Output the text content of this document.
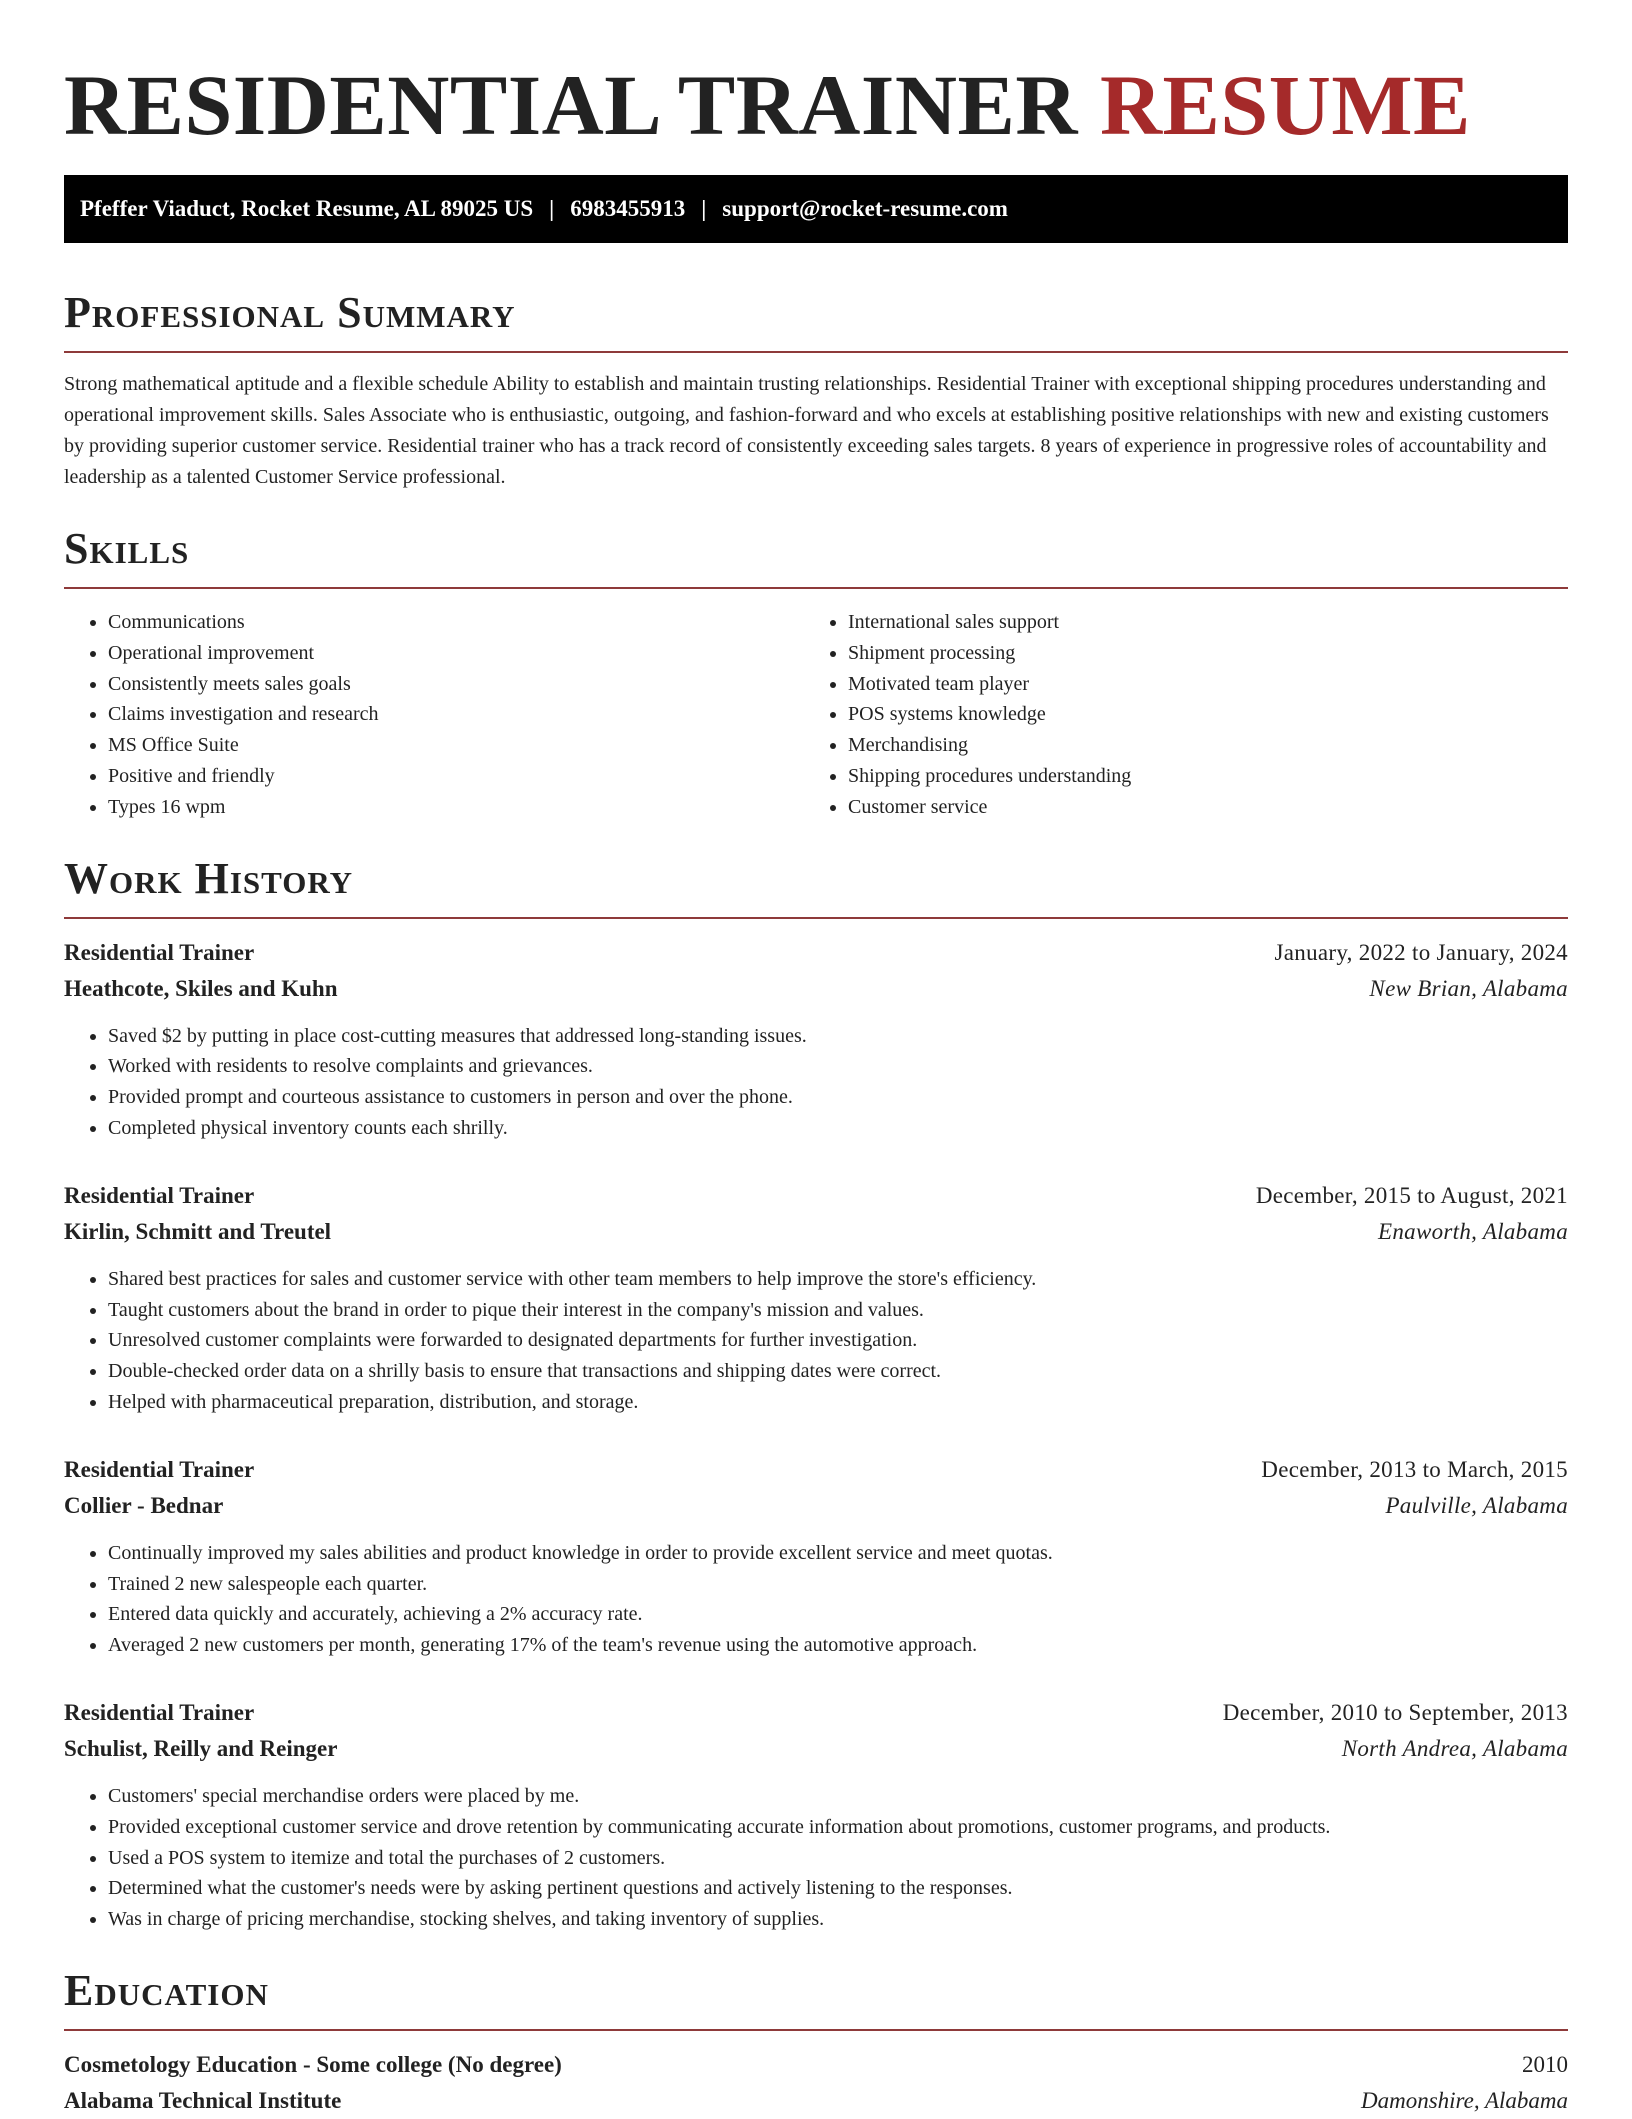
RESIDENTIAL TRAINER RESUME
Pfeffer Viaduct, Rocket Resume, AL 89025 US | 6983455913 | support@rocket-resume.com
Professional Summary

Strong mathematical aptitude and a flexible schedule Ability to establish and maintain trusting relationships. Residential Trainer with exceptional shipping procedures understanding and operational improvement skills. Sales Associate who is enthusiastic, outgoing, and fashion-forward and who excels at establishing positive relationships with new and existing customers by providing superior customer service. Residential trainer who has a track record of consistently exceeding sales targets. 8 years of experience in progressive roles of accountability and leadership as a talented Customer Service professional.

Skills
• Communications
• Operational improvement
• Consistently meets sales goals
• Claims investigation and research
• MS Office Suite
• Positive and friendly
• Types 16 wpm
• International sales support
• Shipment processing
• Motivated team player
• POS systems knowledge
• Merchandising
• Shipping procedures understanding
• Customer service
Work History
Residential Trainer	January, 2022 to January, 2024
Heathcote, Skiles and Kuhn	New Brian, Alabama
• Saved $2 by putting in place cost-cutting measures that addressed long-standing issues.
• Worked with residents to resolve complaints and grievances.
• Provided prompt and courteous assistance to customers in person and over the phone.
• Completed physical inventory counts each shrilly.
Residential Trainer	December, 2015 to August, 2021
Kirlin, Schmitt and Treutel	Enaworth, Alabama
• Shared best practices for sales and customer service with other team members to help improve the store's efficiency.
• Taught customers about the brand in order to pique their interest in the company's mission and values.
• Unresolved customer complaints were forwarded to designated departments for further investigation.
• Double-checked order data on a shrilly basis to ensure that transactions and shipping dates were correct.
• Helped with pharmaceutical preparation, distribution, and storage.
Residential Trainer	December, 2013 to March, 2015
Collier - Bednar	Paulville, Alabama
• Continually improved my sales abilities and product knowledge in order to provide excellent service and meet quotas.
• Trained 2 new salespeople each quarter.
• Entered data quickly and accurately, achieving a 2% accuracy rate.
• Averaged 2 new customers per month, generating 17% of the team's revenue using the automotive approach.
Residential Trainer	December, 2010 to September, 2013
Schulist, Reilly and Reinger	North Andrea, Alabama
• Customers' special merchandise orders were placed by me.
• Provided exceptional customer service and drove retention by communicating accurate information about promotions, customer programs, and products.
• Used a POS system to itemize and total the purchases of 2 customers.
• Determined what the customer's needs were by asking pertinent questions and actively listening to the responses.
• Was in charge of pricing merchandise, stocking shelves, and taking inventory of supplies.
Education
Cosmetology Education - Some college (No degree)	2010
Alabama Technical Institute	Damonshire, Alabama
